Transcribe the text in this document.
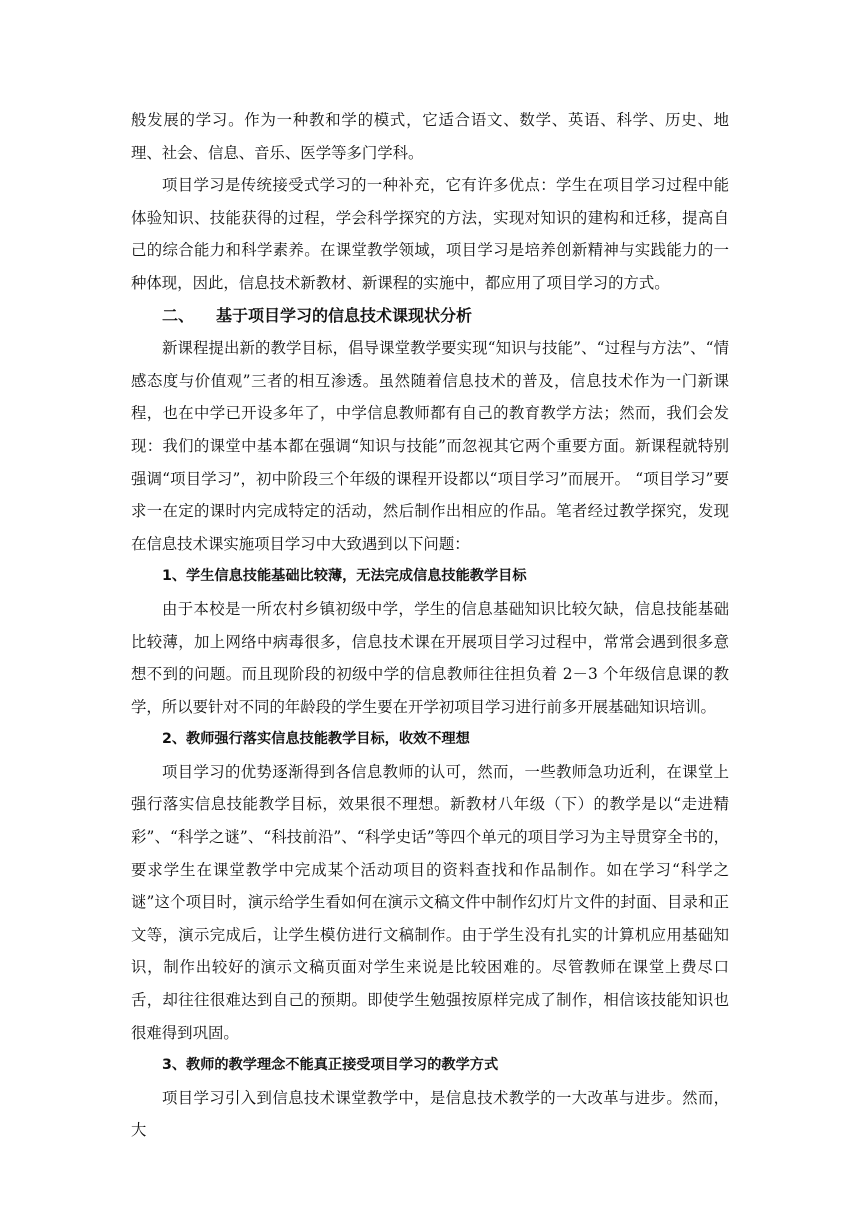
般发展的学习。作为一种教和学的模式，它适合语文、数学、英语、科学、历史、地理、社会、信息、音乐、医学等多门学科。

项目学习是传统接受式学习的一种补充，它有许多优点：学生在项目学习过程中能体验知识、技能获得的过程，学会科学探究的方法，实现对知识的建构和迁移，提高自己的综合能力和科学素养。在课堂教学领域，项目学习是培养创新精神与实践能力的一种体现，因此，信息技术新教材、新课程的实施中，都应用了项目学习的方式。

二、 基于项目学习的信息技术课现状分析

新课程提出新的教学目标，倡导课堂教学要实现“知识与技能”、“过程与方法”、“情感态度与价值观”三者的相互渗透。虽然随着信息技术的普及，信息技术作为一门新课程，也在中学已开设多年了，中学信息教师都有自己的教育教学方法；然而，我们会发现：我们的课堂中基本都在强调“知识与技能”而忽视其它两个重要方面。新课程就特别强调“项目学习”，初中阶段三个年级的课程开设都以“项目学习”而展开。 “项目学习”要求一在定的课时内完成特定的活动，然后制作出相应的作品。笔者经过教学探究，发现在信息技术课实施项目学习中大致遇到以下问题：

1、学生信息技能基础比较薄，无法完成信息技能教学目标

由于本校是一所农村乡镇初级中学，学生的信息基础知识比较欠缺，信息技能基础比较薄，加上网络中病毒很多，信息技术课在开展项目学习过程中，常常会遇到很多意想不到的问题。而且现阶段的初级中学的信息教师往往担负着 2－3 个年级信息课的教学，所以要针对不同的年龄段的学生要在开学初项目学习进行前多开展基础知识培训。

2、教师强行落实信息技能教学目标，收效不理想

项目学习的优势逐渐得到各信息教师的认可，然而，一些教师急功近利，在课堂上强行落实信息技能教学目标，效果很不理想。新教材八年级（下）的教学是以“走进精彩”、“科学之谜”、“科技前沿”、“科学史话”等四个单元的项目学习为主导贯穿全书的，要求学生在课堂教学中完成某个活动项目的资料查找和作品制作。如在学习“科学之谜”这个项目时，演示给学生看如何在演示文稿文件中制作幻灯片文件的封面、目录和正文等，演示完成后，让学生模仿进行文稿制作。由于学生没有扎实的计算机应用基础知识，制作出较好的演示文稿页面对学生来说是比较困难的。尽管教师在课堂上费尽口舌，却往往很难达到自己的预期。即使学生勉强按原样完成了制作，相信该技能知识也很难得到巩固。

3、教师的教学理念不能真正接受项目学习的教学方式

项目学习引入到信息技术课堂教学中，是信息技术教学的一大改革与进步。然而，大
